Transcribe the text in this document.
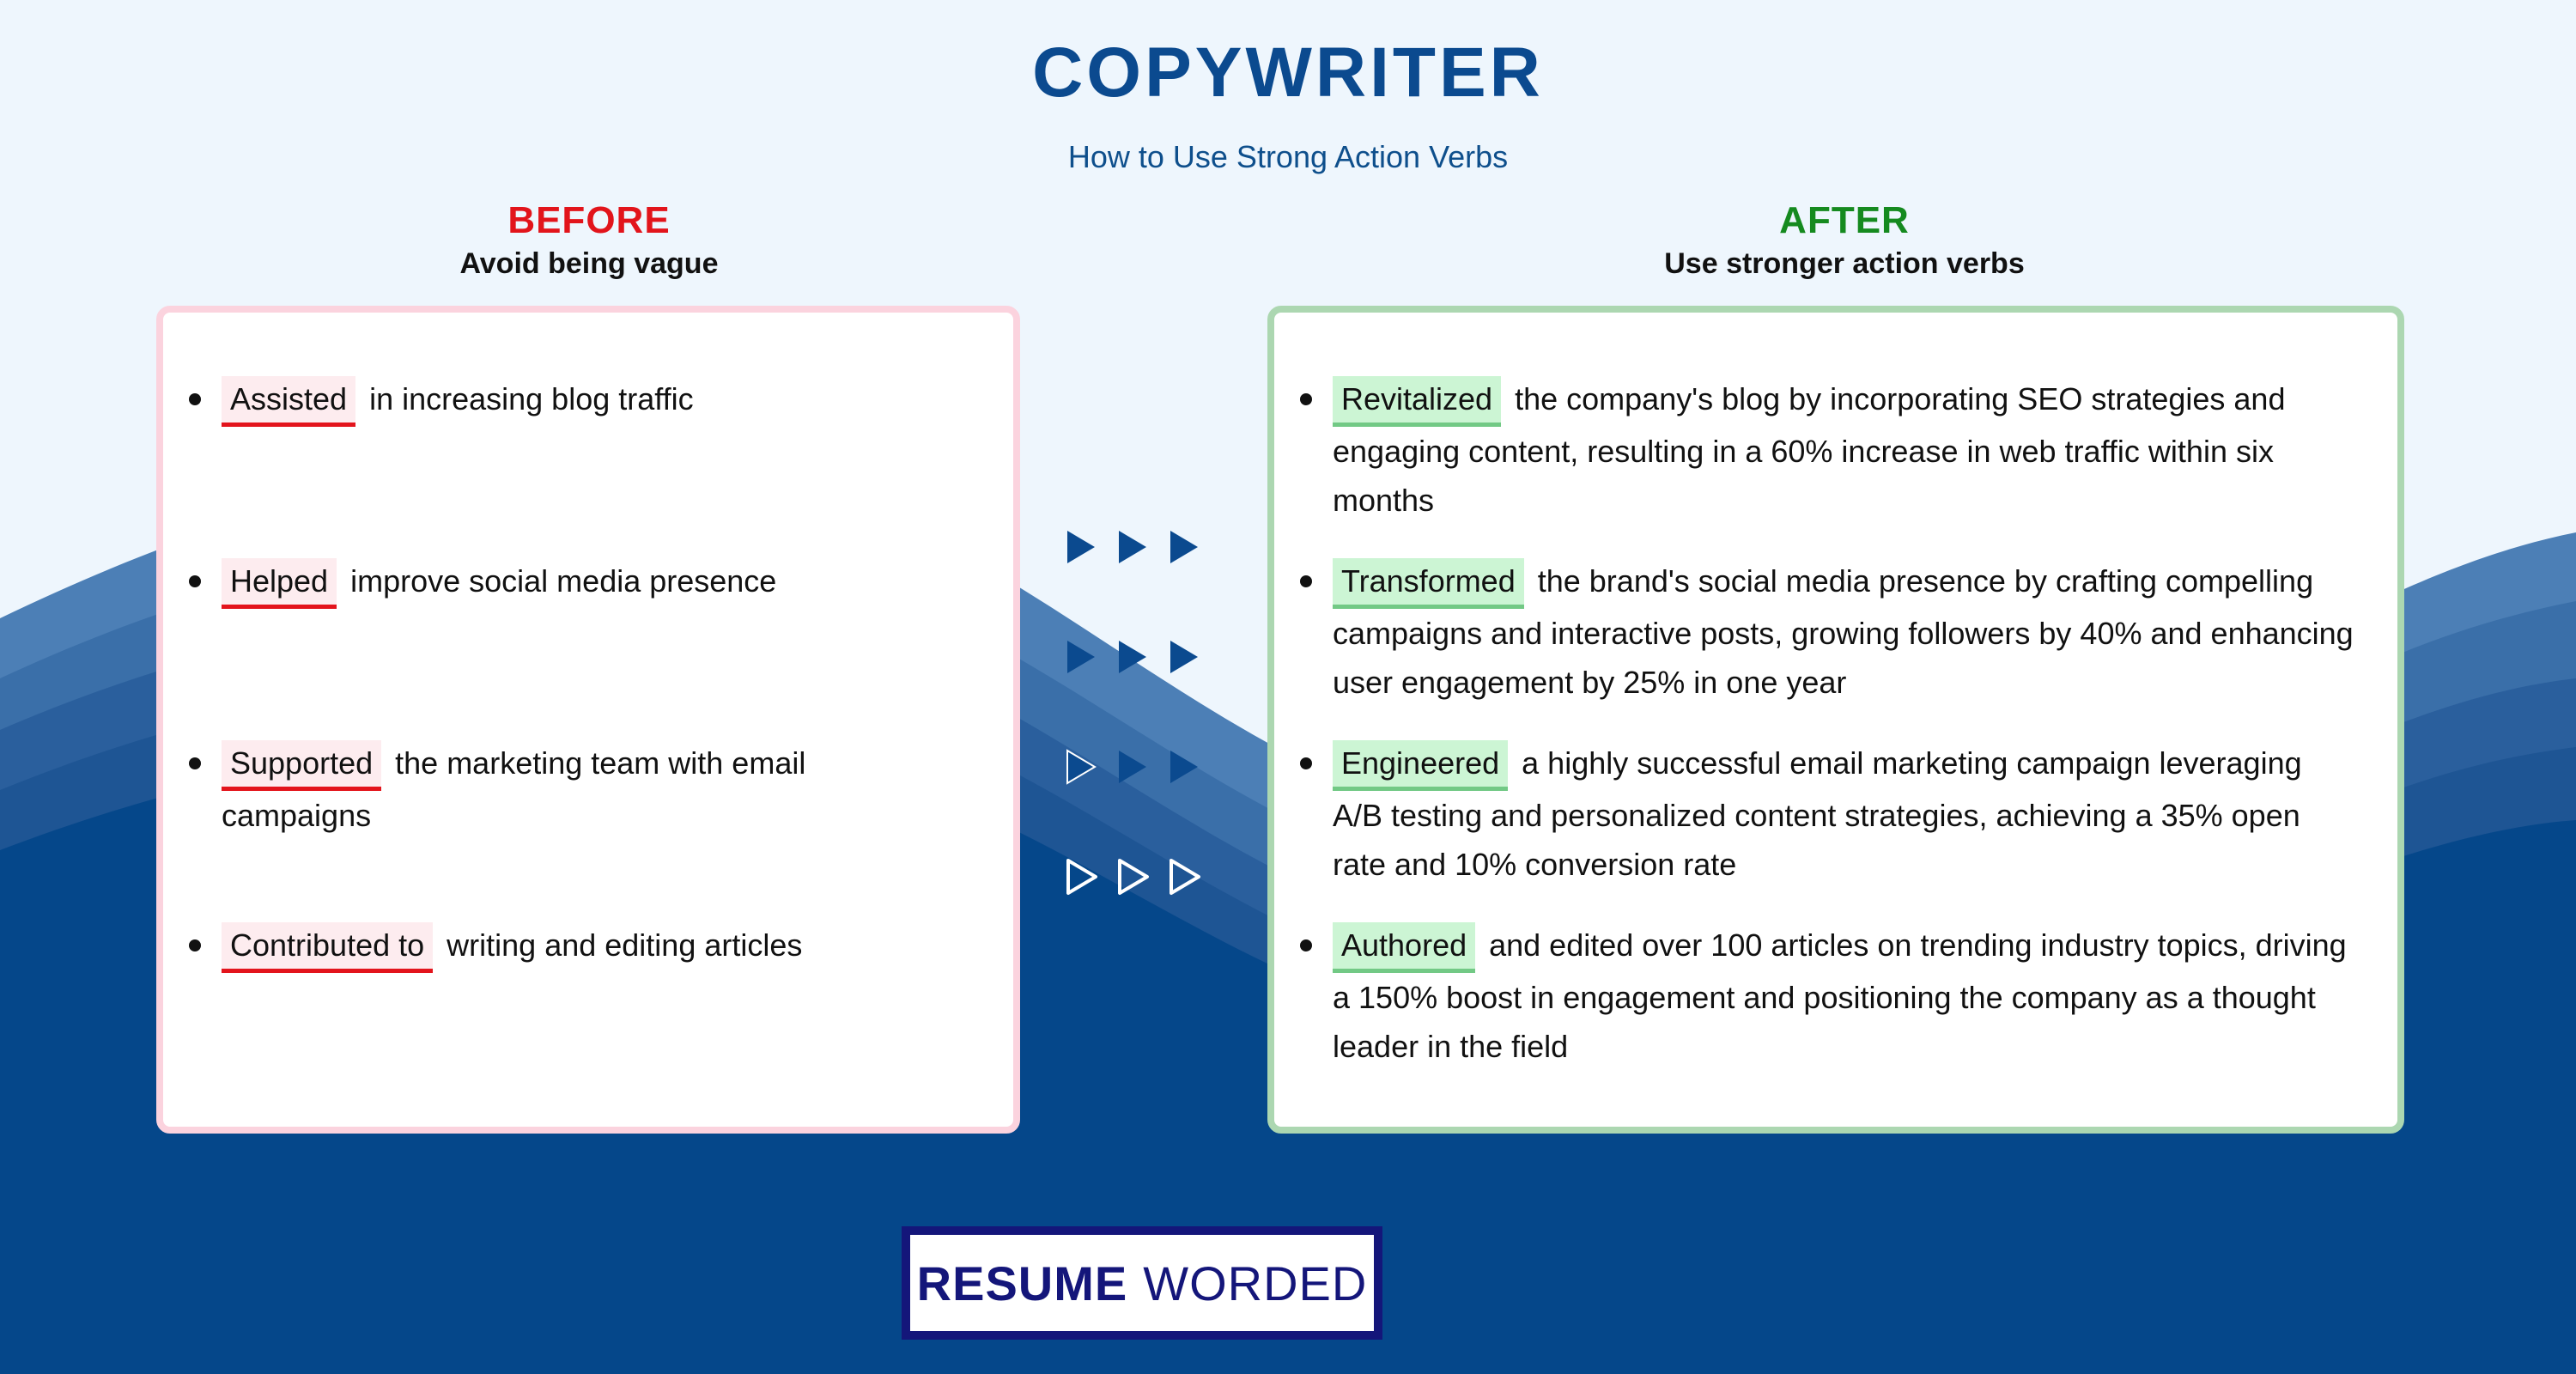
COPYWRITER
How to Use Strong Action Verbs
BEFORE
Avoid being vague
AFTER
Use stronger action verbs
Assisted in increasing blog traffic
Helped improve social media presence
Supported the marketing team with email campaigns
Contributed to writing and editing articles
Revitalized the company's blog by incorporating SEO strategies and engaging content, resulting in a 60% increase in web traffic within six months
Transformed the brand's social media presence by crafting compelling campaigns and interactive posts, growing followers by 40% and enhancing user engagement by 25% in one year
Engineered a highly successful email marketing campaign leveraging A/B testing and personalized content strategies, achieving a 35% open rate and 10% conversion rate
Authored and edited over 100 articles on trending industry topics, driving a 150% boost in engagement and positioning the company as a thought leader in the field
RESUME WORDED
